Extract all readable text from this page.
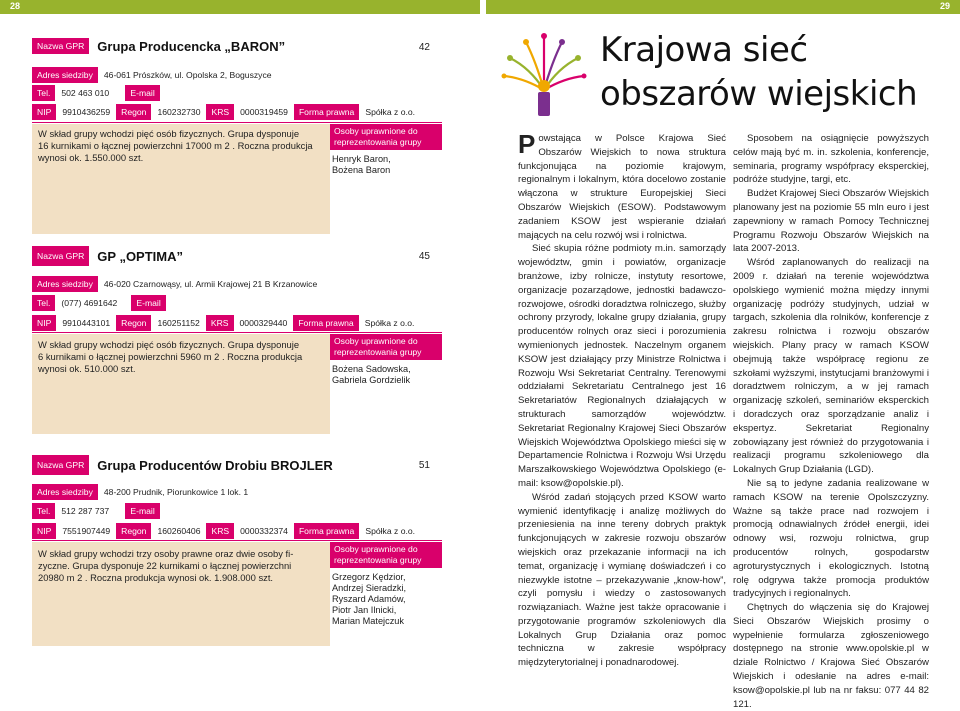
28	29
Nazwa GPR	Grupa Producencka „BARON”	42
Adres siedziby	46-061 Prószków, ul. Opolska 2, Boguszyce
Tel.	502 463 010	E-mail
NIP	9910436259	Regon	160232730	KRS	0000319459	Forma prawna	Spółka z o.o.
W skład grupy wchodzi pięć osób fizycznych. Grupa dysponuje
16 kurnikami o łącznej powierzchni 17000 m 2 . Roczna produkcja
wynosi ok. 1.550.000 szt.
Osoby uprawnione do reprezentowania grupy
Henryk Baron,
Bożena Baron
Nazwa GPR	GP „OPTIMA”	45
Adres siedziby	46-020 Czarnowąsy, ul. Armii Krajowej 21 B Krzanowice
Tel.	(077) 4691642	E-mail
NIP	9910443101	Regon	160251152	KRS	0000329440	Forma prawna	Spółka z o.o.
W skład grupy wchodzi pięć osób fizycznych. Grupa dysponuje
6 kurnikami o łącznej powierzchni 5960 m 2 . Roczna produkcja
wynosi ok. 510.000 szt.
Osoby uprawnione do reprezentowania grupy
Bożena Sadowska,
Gabriela Gordzielik
Nazwa GPR	Grupa Producentów Drobiu BROJLER	51
Adres siedziby	48-200 Prudnik, Piorunkowice 1 lok. 1
Tel.	512 287 737	E-mail
NIP	7551907449	Regon	160260406	KRS	0000332374	Forma prawna	Spółka z o.o.
W skład grupy wchodzi trzy osoby prawne oraz dwie osoby fi-
zyczne. Grupa dysponuje 22 kurnikami o łącznej powierzchni
20980 m 2 . Roczna produkcja wynosi ok. 1.908.000 szt.
Osoby uprawnione do reprezentowania grupy
Grzegorz Kędzior,
Andrzej Sieradzki,
Ryszard Adamów,
Piotr Jan Ilnicki,
Marian Matejczuk
Krajowa sieć
obszarów wiejskich

Powstająca w Polsce Krajowa Sieć Obszarów Wiejskich to nowa struktura funkcjonująca na poziomie krajowym, regionalnym i lokalnym, która docelowo zostanie włączona w strukture Europejskiej Sieci Obszarów Wiejskich (ESOW). Podstawowym zadaniem KSOW jest wspieranie działań mających na celu rozwój wsi i rolnictwa.

Sieć skupia różne podmioty m.in. samorządy województw, gmin i powiatów, organizacje branżowe, izby rolnicze, instytuty resortowe, organizacje pozarządowe, jednostki badawczo-rozwojowe, ośrodki doradztwa rolniczego, służby ochrony przyrody, lokalne grupy działania, grupy producentów rolnych oraz sieci i porozumienia wymienionych jednostek. Naczelnym organem KSOW jest działający przy Ministrze Rolnictwa i Rozwoju Wsi Sekretariat Centralny. Terenowymi oddziałami Sekretariatu Centralnego jest 16 Sekretariatów Regionalnych działających w strukturach samorządów województw. Sekretariat Regionalny Krajowej Sieci Obszarów Wiejskich Województwa Opolskiego mieści się w Departamencie Rolnictwa i Rozwoju Wsi Urzędu Marszałkowskiego Województwa Opolskiego (e-mail: ksow@opolskie.pl).

Wśród zadań stojących przed KSOW warto wymienić identyfikację i analizę możliwych do przeniesienia na inne tereny dobrych praktyk funkcjonujących w zakresie rozwoju obszarów wiejskich oraz przekazanie informacji na ich temat, organizację i wymianę doświadczeń i co niezwykle istotne – przekazywanie „know-how”, czyli pomysłu i wiedzy o zastosowanych rozwiązaniach. Ważne jest także opracowanie i przygotowanie programów szkoleniowych dla Lokalnych Grup Działania oraz pomoc techniczna w zakresie współpracy międzyterytorialnej i ponadnarodowej.

Sposobem na osiągnięcie powyższych celów mają być m. in. szkolenia, konferencje, seminaria, programy wspófpracy eksperckiej, podróże studyjne, targi, etc.

Budżet Krajowej Sieci Obszarów Wiejskich planowany jest na poziomie 55 mln euro i jest zapewniony w ramach Pomocy Technicznej Programu Rozwoju Obszarów Wiejskich na lata 2007-2013.

Wśród zaplanowanych do realizacji na 2009 r. działań na terenie województwa opolskiego wymienić można między innymi organizację podróży studyjnych, udział w targach, szkolenia dla rolników, konferencje z zakresu rolnictwa i rozwoju obszarów wiejskich. Plany pracy w ramach KSOW obejmują także współpracę regionu ze szkołami wyższymi, instytucjami branżowymi i doradztwem rolniczym, a w jej ramach organizację szkoleń, seminariów eksperckich i doradczych oraz sporządzanie analiz i ekspertyz. Sekretariat Regionalny zobowiązany jest również do przygotowania i realizacji programu szkoleniowego dla Lokalnych Grup Działania (LGD).

Nie są to jedyne zadania realizowane w ramach KSOW na terenie Opolszczyzny. Ważne są także prace nad rozwojem i promocją odnawialnych źródeł energii, idei odnowy wsi, rozwoju rolnictwa, grup producentów rolnych, gospodarstw agroturystycznych i ekologicznych. Istotną rolę odgrywa także promocja produktów tradycyjnych i regionalnych.

Chętnych do włączenia się do Krajowej Sieci Obszarów Wiejskich prosimy o wypełnienie formularza zgłoszeniowego dostępnego na stronie www.opolskie.pl w dziale Rolnictwo / Krajowa Sieć Obszarów Wiejskich i odesłanie na adres e-mail: ksow@opolskie.pl lub na nr faksu: 077 44 82 121.
